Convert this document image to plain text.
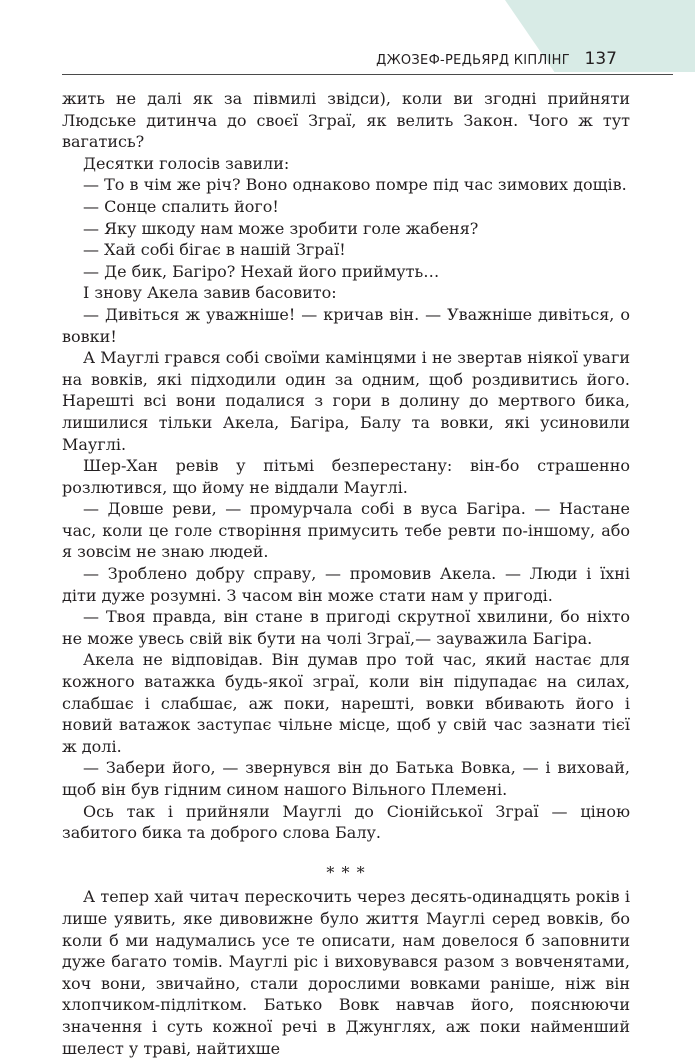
ДЖОЗЕФ-РЕДЬЯРД КІПЛІНГ 137

жить не далі як за півмилі звідси), коли ви згодні прийняти Людське дитинча до своєї Зграї, як велить Закон. Чого ж тут вагатись?

Десятки голосів завили:

— То в чім же річ? Воно однаково помре під час зимових дощів.

— Сонце спалить його!

— Яку шкоду нам може зробити голе жабеня?

— Хай собі бігає в нашій Зграї!

— Де бик, Багіро? Нехай його приймуть…

І знову Акела завив басовито:

— Дивіться ж уважніше! — кричав він. — Уважніше дивіться, о вовки!

А Мауглі грався собі своїми камінцями і не звертав ніякої уваги на вовків, які підходили один за одним, щоб роздивитись його. Нарешті всі вони подалися з гори в долину до мертвого бика, лишилися тільки Акела, Багіра, Балу та вовки, які усиновили Мауглі.

Шер-Хан ревів у пітьмі безперестану: він-бо страшенно розлютився, що йому не віддали Мауглі.

— Довше реви, — промурчала собі в вуса Багіра. — Настане час, коли це голе створіння примусить тебе ревти по-іншому, або я зовсім не знаю людей.

— Зроблено добру справу, — промовив Акела. — Люди і їхні діти дуже розумні. З часом він може стати нам у пригоді.

— Твоя правда, він стане в пригоді скрутної хвилини, бо ніхто не може увесь свій вік бути на чолі Зграї,— зауважила Багіра.

Акела не відповідав. Він думав про той час, який настає для кожного ватажка будь-якої зграї, коли він підупадає на силах, слабшає і слабшає, аж поки, нарешті, вовки вбивають його і новий ватажок заступає чільне місце, щоб у свій час зазнати тієї ж долі.

— Забери його, — звернувся він до Батька Вовка, — і виховай, щоб він був гідним сином нашого Вільного Племені.

Ось так і прийняли Мауглі до Сіонійської Зграї — ціною забитого бика та доброго слова Балу.

* * *

А тепер хай читач перескочить через десять-одинадцять років і лише уявить, яке дивовижне було життя Мауглі серед вовків, бо коли б ми надумались усе те описати, нам довелося б заповнити дуже багато томів. Мауглі ріс і виховувався разом з вовченятами, хоч вони, звичайно, стали дорослими вовками раніше, ніж він хлопчиком-підлітком. Батько Вовк навчав його, пояснюючи значення і суть кожної речі в Джунглях, аж поки найменший шелест у траві, найтихше
